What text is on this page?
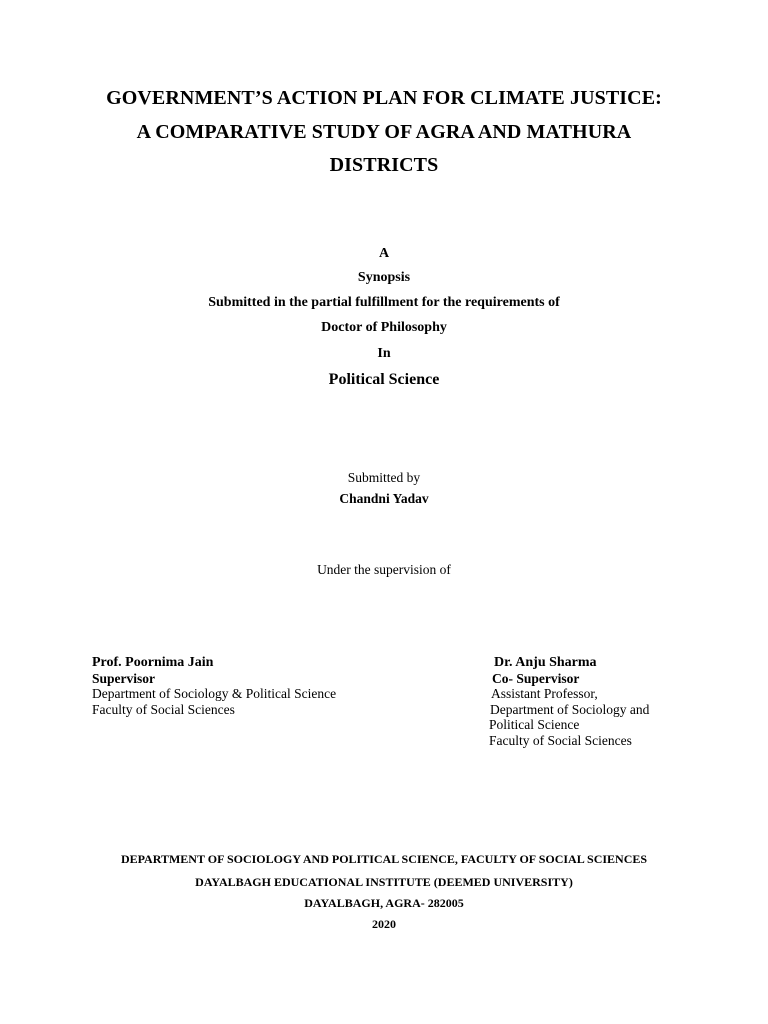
GOVERNMENT’S ACTION PLAN FOR CLIMATE JUSTICE:
A COMPARATIVE STUDY OF AGRA AND MATHURA
DISTRICTS
A
Synopsis
Submitted in the partial fulfillment for the requirements of
Doctor of Philosophy
In
Political Science
Submitted by
Chandni Yadav
Under the supervision of
Prof. Poornima Jain
Supervisor
Department of Sociology & Political Science
Faculty of Social Sciences
Dr. Anju Sharma
Co- Supervisor
Assistant Professor,
Department of Sociology and
Political Science
Faculty of Social Sciences
DEPARTMENT OF SOCIOLOGY AND POLITICAL SCIENCE, FACULTY OF SOCIAL SCIENCES
DAYALBAGH EDUCATIONAL INSTITUTE (DEEMED UNIVERSITY)
DAYALBAGH, AGRA- 282005
2020
